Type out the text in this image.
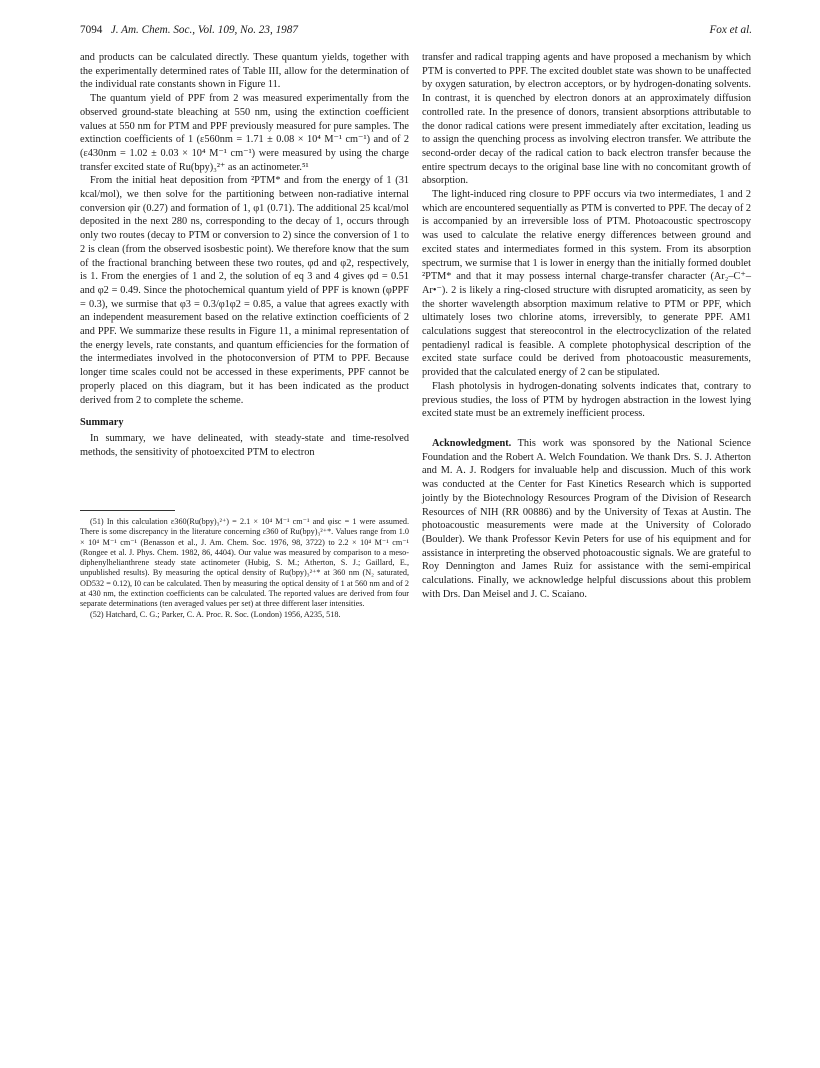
7094 J. Am. Chem. Soc., Vol. 109, No. 23, 1987	Fox et al.

and products can be calculated directly. These quantum yields, together with the experimentally determined rates of Table III, allow for the determination of the individual rate constants shown in Figure 11.

The quantum yield of PPF from 2 was measured experimentally from the observed ground-state bleaching at 550 nm, using the extinction coefficient values at 550 nm for PTM and PPF previously measured for pure samples. The extinction coefficients of 1 (ε560nm = 1.71 ± 0.08 × 10⁴ M⁻¹ cm⁻¹) and of 2 (ε430nm = 1.02 ± 0.03 × 10⁴ M⁻¹ cm⁻¹) were measured by using the charge transfer excited state of Ru(bpy)₃²⁺ as an actinometer.⁵¹

From the initial heat deposition from ²PTM* and from the energy of 1 (31 kcal/mol), we then solve for the partitioning between non-radiative internal conversion φir (0.27) and formation of 1, φ1 (0.71). The additional 25 kcal/mol deposited in the next 280 ns, corresponding to the decay of 1, occurs through only two routes (decay to PTM or conversion to 2) since the conversion of 1 to 2 is clean (from the observed isosbestic point). We therefore know that the sum of the fractional branching between these two routes, φd and φ2, respectively, is 1. From the energies of 1 and 2, the solution of eq 3 and 4 gives φd = 0.51 and φ2 = 0.49. Since the photochemical quantum yield of PPF is known (φPPF = 0.3), we surmise that φ3 = 0.3/φ1φ2 = 0.85, a value that agrees exactly with an independent measurement based on the relative extinction coefficients of 2 and PPF. We summarize these results in Figure 11, a minimal representation of the energy levels, rate constants, and quantum efficiencies for the formation of the intermediates involved in the photoconversion of PTM to PPF. Because longer time scales could not be accessed in these experiments, PPF cannot be properly placed on this diagram, but it has been indicated as the product derived from 2 to complete the scheme.

Summary

In summary, we have delineated, with steady-state and time-resolved methods, the sensitivity of photoexcited PTM to electron

(51) In this calculation ε360(Ru(bpy)₃²⁺) = 2.1 × 10⁴ M⁻¹ cm⁻¹ and φisc = 1 were assumed. There is some discrepancy in the literature concerning ε360 of Ru(bpy)₃²⁺*. Values range from 1.0 × 10⁴ M⁻¹ cm⁻¹ (Benasson et al., J. Am. Chem. Soc. 1976, 98, 3722) to 2.2 × 10⁴ M⁻¹ cm⁻¹ (Rongee et al. J. Phys. Chem. 1982, 86, 4404). Our value was measured by comparison to a meso-diphenylhelianthrene steady state actinometer (Hubig, S. M.; Atherton, S. J.; Gaillard, E., unpublished results). By measuring the optical density of Ru(bpy)₃²⁺* at 360 nm (N₂ saturated, OD532 = 0.12), I0 can be calculated. Then by measuring the optical density of 1 at 560 nm and of 2 at 430 nm, the extinction coefficients can be calculated. The reported values are derived from four separate determinations (ten averaged values per set) at three different laser intensities.

(52) Hatchard, C. G.; Parker, C. A. Proc. R. Soc. (London) 1956, A235, 518.

transfer and radical trapping agents and have proposed a mechanism by which PTM is converted to PPF. The excited doublet state was shown to be unaffected by oxygen saturation, by electron acceptors, or by hydrogen-donating solvents. In contrast, it is quenched by electron donors at an approximately diffusion controlled rate. In the presence of donors, transient absorptions attributable to the donor radical cations were present immediately after excitation, leading us to assign the quenching process as involving electron transfer. We attribute the second-order decay of the radical cation to back electron transfer because the entire spectrum decays to the original base line with no concomitant growth of absorption.

The light-induced ring closure to PPF occurs via two intermediates, 1 and 2 which are encountered sequentially as PTM is converted to PPF. The decay of 2 is accompanied by an irreversible loss of PTM. Photoacoustic spectroscopy was used to calculate the relative energy differences between ground and excited states and intermediates formed in this system. From its absorption spectrum, we surmise that 1 is lower in energy than the initially formed doublet ²PTM* and that it may possess internal charge-transfer character (Ar₂–C⁺–Ar•⁻). 2 is likely a ring-closed structure with disrupted aromaticity, as seen by the shorter wavelength absorption maximum relative to PTM or PPF, which ultimately loses two chlorine atoms, irreversibly, to generate PPF. AM1 calculations suggest that stereocontrol in the electrocyclization of the related pentadienyl radical is feasible. A complete photophysical description of the excited state surface could be derived from photoacoustic measurements, provided that the calculated energy of 2 can be stipulated.

Flash photolysis in hydrogen-donating solvents indicates that, contrary to previous studies, the loss of PTM by hydrogen abstraction in the lowest lying excited state must be an extremely inefficient process.

Acknowledgment. This work was sponsored by the National Science Foundation and the Robert A. Welch Foundation. We thank Drs. S. J. Atherton and M. A. J. Rodgers for invaluable help and discussion. Much of this work was conducted at the Center for Fast Kinetics Research which is supported jointly by the Biotechnology Resources Program of the Division of Research Resources of NIH (RR 00886) and by the University of Texas at Austin. The photoacoustic measurements were made at the University of Colorado (Boulder). We thank Professor Kevin Peters for use of his equipment and for assistance in interpreting the observed photoacoustic signals. We are grateful to Roy Dennington and James Ruiz for assistance with the semi-empirical calculations. Finally, we acknowledge helpful discussions about this problem with Drs. Dan Meisel and J. C. Scaiano.
